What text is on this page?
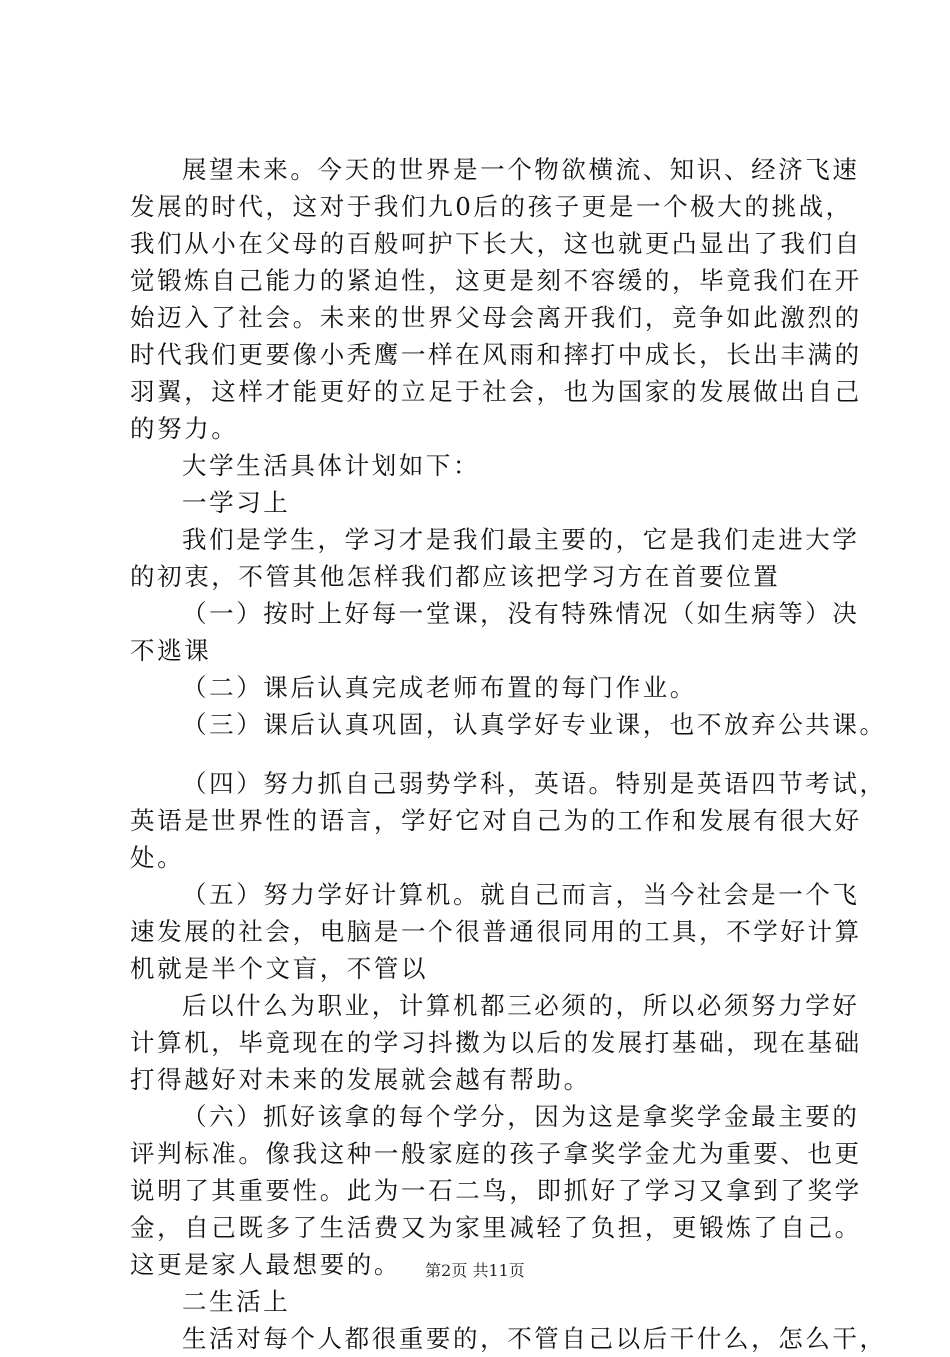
展望未来。今天的世界是一个物欲横流、知识、经济飞速
发展的时代，这对于我们九0后的孩子更是一个极大的挑战，
我们从小在父母的百般呵护下长大，这也就更凸显出了我们自
觉锻炼自己能力的紧迫性，这更是刻不容缓的，毕竟我们在开
始迈入了社会。未来的世界父母会离开我们，竞争如此激烈的
时代我们更要像小秃鹰一样在风雨和摔打中成长，长出丰满的
羽翼，这样才能更好的立足于社会，也为国家的发展做出自己
的努力。
大学生活具体计划如下：
一学习上
我们是学生，学习才是我们最主要的，它是我们走进大学
的初衷，不管其他怎样我们都应该把学习方在首要位置
（一）按时上好每一堂课，没有特殊情况（如生病等）决
不逃课
（二）课后认真完成老师布置的每门作业。
（三）课后认真巩固，认真学好专业课，也不放弃公共课。
（四）努力抓自己弱势学科，英语。特别是英语四节考试，
英语是世界性的语言，学好它对自己为的工作和发展有很大好
处。
（五）努力学好计算机。就自己而言，当今社会是一个飞
速发展的社会，电脑是一个很普通很同用的工具，不学好计算
机就是半个文盲，不管以
后以什么为职业，计算机都三必须的，所以必须努力学好
计算机，毕竟现在的学习抖擞为以后的发展打基础，现在基础
打得越好对未来的发展就会越有帮助。
（六）抓好该拿的每个学分，因为这是拿奖学金最主要的
评判标准。像我这种一般家庭的孩子拿奖学金尤为重要、也更
说明了其重要性。此为一石二鸟，即抓好了学习又拿到了奖学
金，自己既多了生活费又为家里减轻了负担，更锻炼了自己。
这更是家人最想要的。
二生活上
生活对每个人都很重要的，不管自己以后干什么，怎么干，
第2页 共11页
